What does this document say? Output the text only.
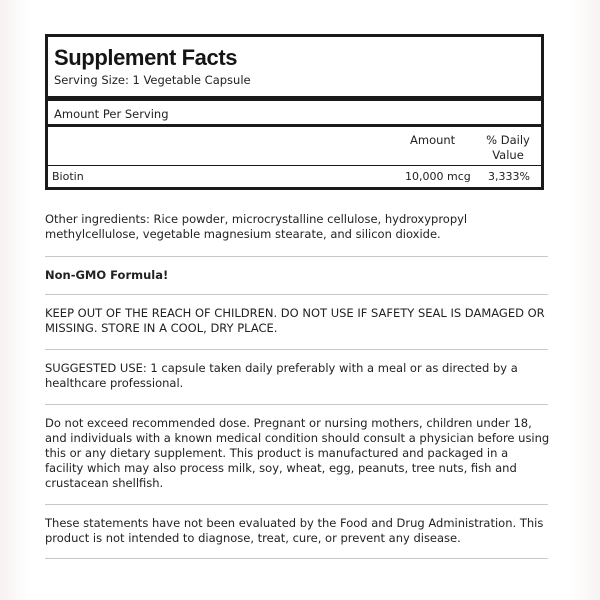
Supplement Facts
Serving Size: 1 Vegetable Capsule
Amount Per Serving
Amount	% Daily Value
Biotin	10,000 mcg 3,333%
Other ingredients: Rice powder, microcrystalline cellulose, hydroxypropyl methylcellulose, vegetable magnesium stearate, and silicon dioxide.
Non-GMO Formula!
KEEP OUT OF THE REACH OF CHILDREN. DO NOT USE IF SAFETY SEAL IS DAMAGED OR MISSING. STORE IN A COOL, DRY PLACE.
SUGGESTED USE: 1 capsule taken daily preferably with a meal or as directed by a healthcare professional.
Do not exceed recommended dose. Pregnant or nursing mothers, children under 18, and individuals with a known medical condition should consult a physician before using this or any dietary supplement. This product is manufactured and packaged in a facility which may also process milk, soy, wheat, egg, peanuts, tree nuts, fish and crustacean shellfish.
These statements have not been evaluated by the Food and Drug Administration. This product is not intended to diagnose, treat, cure, or prevent any disease.
